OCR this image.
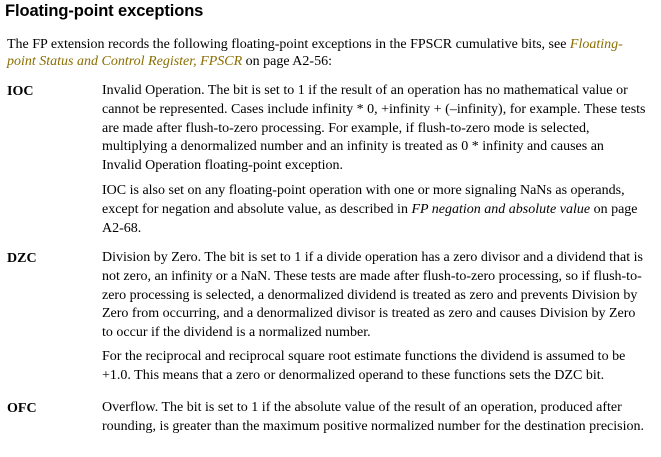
Floating-point exceptions

The FP extension records the following floating-point exceptions in the FPSCR cumulative bits, see Floating-point Status and Control Register, FPSCR on page A2-56:

IOC	Invalid Operation. The bit is set to 1 if the result of an operation has no mathematical value or cannot be represented. Cases include infinity * 0, +infinity + (–infinity), for example. These tests are made after flush-to-zero processing. For example, if flush-to-zero mode is selected, multiplying a denormalized number and an infinity is treated as 0 * infinity and causes an Invalid Operation floating-point exception.

IOC is also set on any floating-point operation with one or more signaling NaNs as operands, except for negation and absolute value, as described in FP negation and absolute value on page A2-68.

DZC	Division by Zero. The bit is set to 1 if a divide operation has a zero divisor and a dividend that is not zero, an infinity or a NaN. These tests are made after flush-to-zero processing, so if flush-to-zero processing is selected, a denormalized dividend is treated as zero and prevents Division by Zero from occurring, and a denormalized divisor is treated as zero and causes Division by Zero to occur if the dividend is a normalized number.

For the reciprocal and reciprocal square root estimate functions the dividend is assumed to be +1.0. This means that a zero or denormalized operand to these functions sets the DZC bit.

OFC	Overflow. The bit is set to 1 if the absolute value of the result of an operation, produced after rounding, is greater than the maximum positive normalized number for the destination precision.
